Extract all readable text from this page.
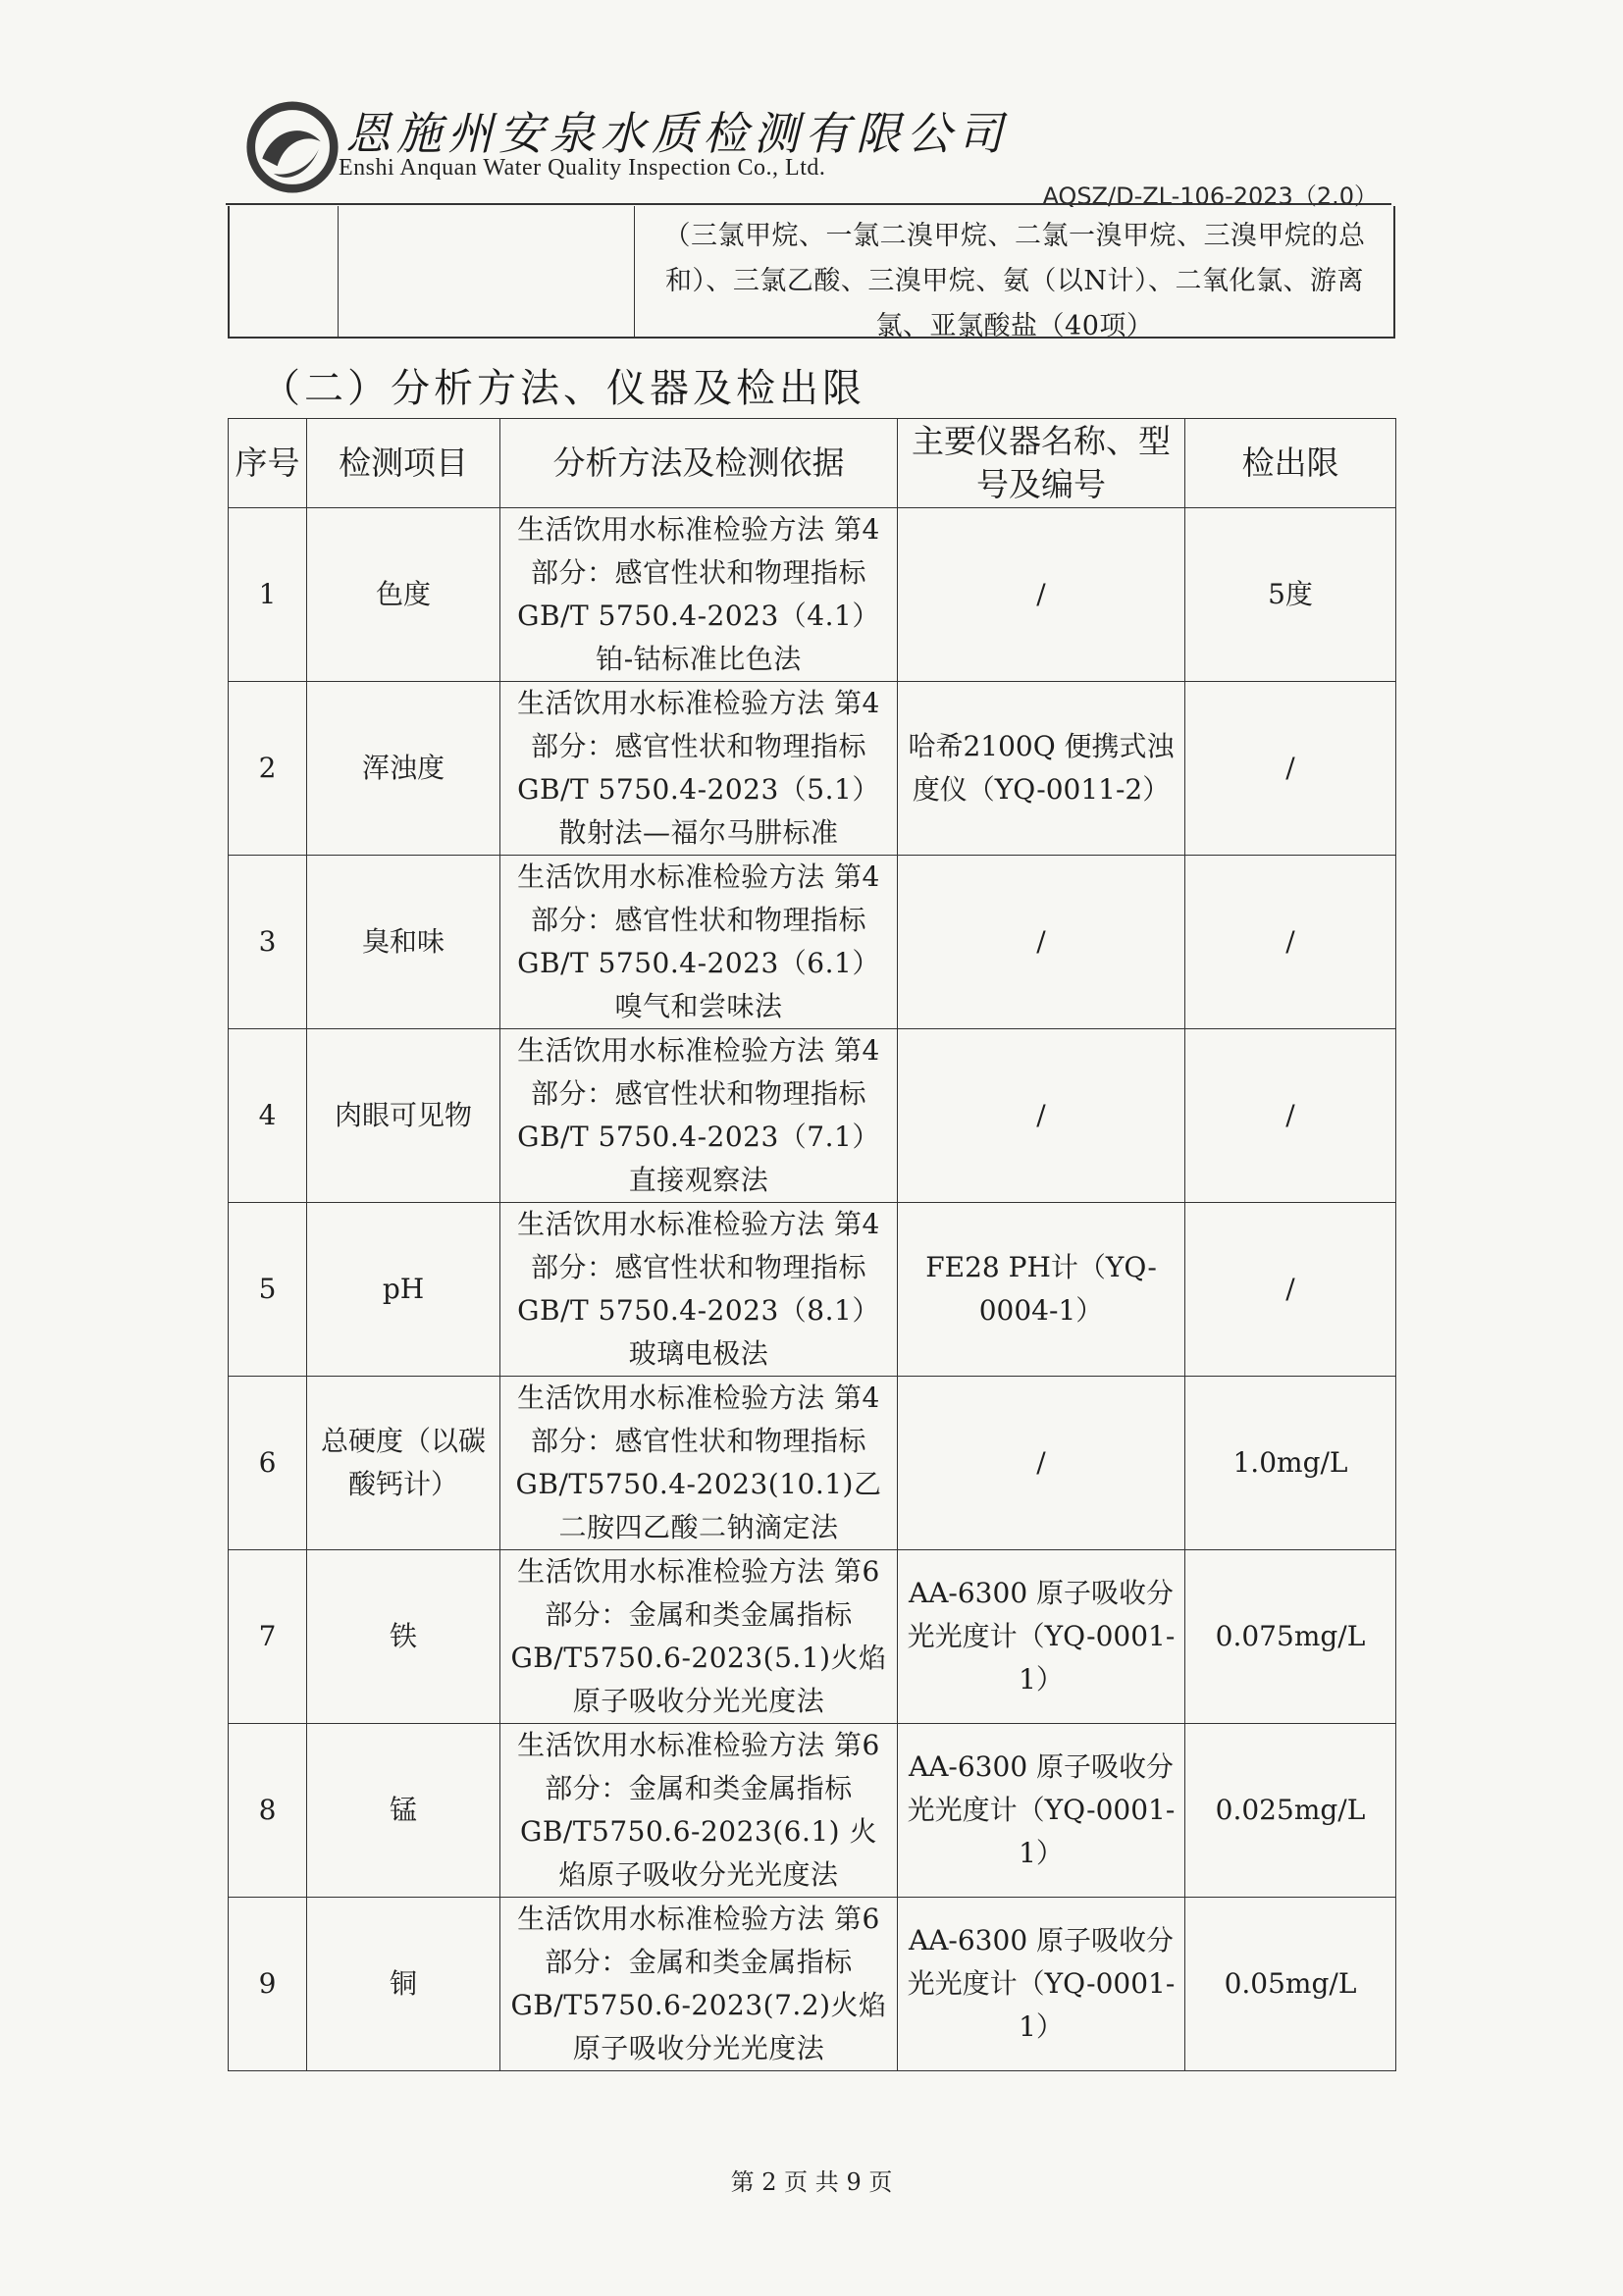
恩施州安泉水质检测有限公司
Enshi Anquan Water Quality Inspection Co., Ltd.
AQSZ/D-ZL-106-2023（2.0）
（三氯甲烷、一氯二溴甲烷、二氯一溴甲烷、三溴甲烷的总和）、三氯乙酸、三溴甲烷、氨（以N计）、二氧化氯、游离氯、亚氯酸盐（40项）
（二）分析方法、仪器及检出限
序号	检测项目	分析方法及检测依据	主要仪器名称、型号及编号	检出限
1	色度	生活饮用水标准检验方法 第4部分：感官性状和物理指标 GB/T 5750.4-2023（4.1）铂-钴标准比色法	/	5度
2	浑浊度	生活饮用水标准检验方法 第4部分：感官性状和物理指标 GB/T 5750.4-2023（5.1）散射法—福尔马肼标准	哈希2100Q 便携式浊度仪（YQ-0011-2）	/
3	臭和味	生活饮用水标准检验方法 第4部分：感官性状和物理指标 GB/T 5750.4-2023（6.1）嗅气和尝味法	/	/
4	肉眼可见物	生活饮用水标准检验方法 第4部分：感官性状和物理指标 GB/T 5750.4-2023（7.1）直接观察法	/	/
5	pH	生活饮用水标准检验方法 第4部分：感官性状和物理指标 GB/T 5750.4-2023（8.1）玻璃电极法	FE28 PH计（YQ-0004-1）	/
6	总硬度（以碳酸钙计）	生活饮用水标准检验方法 第4部分：感官性状和物理指标 GB/T5750.4-2023(10.1)乙二胺四乙酸二钠滴定法	/	1.0mg/L
7	铁	生活饮用水标准检验方法 第6部分：金属和类金属指标 GB/T5750.6-2023(5.1)火焰原子吸收分光光度法	AA-6300 原子吸收分光光度计（YQ-0001-1）	0.075mg/L
8	锰	生活饮用水标准检验方法 第6部分：金属和类金属指标 GB/T5750.6-2023(6.1) 火焰原子吸收分光光度法	AA-6300 原子吸收分光光度计（YQ-0001-1）	0.025mg/L
9	铜	生活饮用水标准检验方法 第6部分：金属和类金属指标 GB/T5750.6-2023(7.2)火焰原子吸收分光光度法	AA-6300 原子吸收分光光度计（YQ-0001-1）	0.05mg/L
第 2 页 共 9 页
